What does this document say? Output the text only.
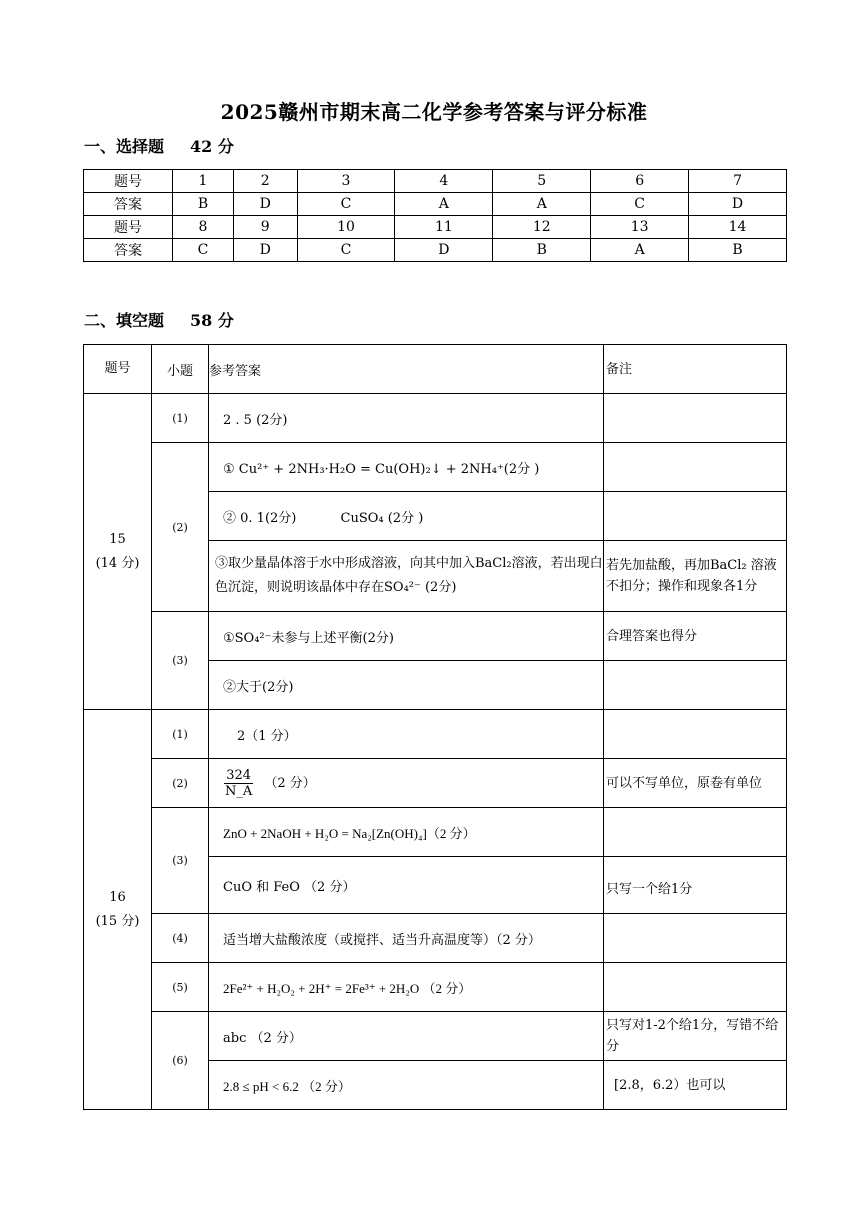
2025赣州市期末高二化学参考答案与评分标准
一、选择题 42 分
题号	1	2	3	4	5	6	7
答案	B	D	C	A	A	C	D
题号	8	9	10	11	12	13	14
答案	C	D	C	D	B	A	B
二、填空题 58 分
题号	小题	参考答案	备注

15
(14 分)	(1)	2 . 5 (2分)	
	(2)	① Cu²⁺ + 2NH₃·H₂O = Cu(OH)₂↓ + 2NH₄⁺(2分 )	
		② 0. 1(2分) CuSO₄ (2分 )	
		③取少量晶体溶于水中形成溶液，向其中加入BaCl₂溶液，若出现白色沉淀，则说明该晶体中存在SO₄²⁻ (2分)	若先加盐酸，再加BaCl₂ 溶液不扣分；操作和现象各1分
	(3)	①SO₄²⁻未参与上述平衡(2分)	合理答案也得分
		②大于(2分)	

16
(15 分)	(1)	2（1 分）	
	(2)	$\frac{324}{N\_A} (2$ 分）	可以不写单位，原卷有单位
	(3)	ZnO + 2NaOH + H₂O = Na₂[Zn(OH)₄]（2 分）	
		CuO 和 FeO （2 分）	只写一个给1分
	(4)	适当增大盐酸浓度（或搅拌、适当升高温度等）（2 分）	
	(5)	2Fe²⁺ + H₂O₂ + 2H⁺ = 2Fe³⁺ + 2H₂O （2 分）	
	(6)	abc （2 分）	只写对1-2个给1分，写错不给分
		2.8 ≤ pH < 6.2 （2 分）	[2.8，6.2）也可以
